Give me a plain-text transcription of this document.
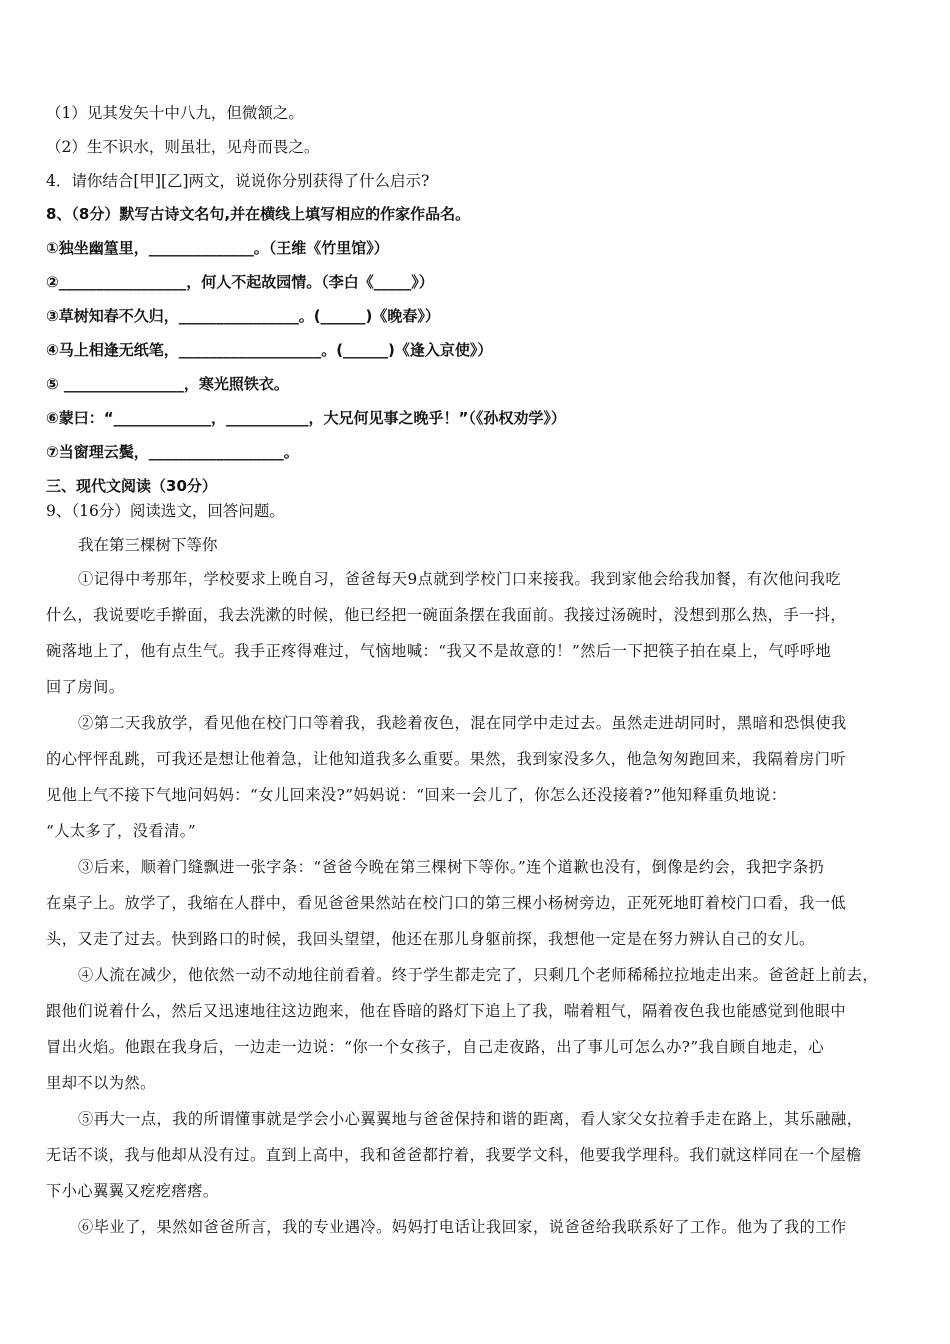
（1）见其发矢十中八九，但微颔之。
（2）生不识水，则虽壮，见舟而畏之。
4．请你结合[甲][乙]两文，说说你分别获得了什么启示?
8、（8分）默写古诗文名句,并在横线上填写相应的作家作品名。
①独坐幽篁里，______________。（王维《竹里馆》）
②_________________，何人不起故园情。（李白《_____》）
③草树知春不久归，________________。(______)《晚春》）
④马上相逢无纸笔，___________________。(______)《逢入京使》）
⑤ ________________，寒光照铁衣。
⑥蒙曰：“_____________，___________，大兄何见事之晚乎！”（《孙权劝学》）
⑦当窗理云鬓，__________________。
三、现代文阅读（30分）
9、（16分）阅读选文，回答问题。
我在第三棵树下等你
①记得中考那年，学校要求上晚自习，爸爸每天9点就到学校门口来接我。我到家他会给我加餐，有次他问我吃
什么，我说要吃手擀面，我去洗漱的时候，他已经把一碗面条摆在我面前。我接过汤碗时，没想到那么热，手一抖，
碗落地上了，他有点生气。我手正疼得难过，气恼地喊：“我又不是故意的！”然后一下把筷子拍在桌上，气呼呼地
回了房间。
②第二天我放学，看见他在校门口等着我，我趁着夜色，混在同学中走过去。虽然走进胡同时，黑暗和恐惧使我
的心怦怦乱跳，可我还是想让他着急，让他知道我多么重要。果然，我到家没多久，他急匆匆跑回来，我隔着房门听
见他上气不接下气地问妈妈：“女儿回来没?”妈妈说：“回来一会儿了，你怎么还没接着?”他知释重负地说：
“人太多了，没看清。”
③后来，顺着门缝飘进一张字条：“爸爸今晚在第三棵树下等你。”连个道歉也没有，倒像是约会，我把字条扔
在桌子上。放学了，我缩在人群中，看见爸爸果然站在校门口的第三棵小杨树旁边，正死死地盯着校门口看，我一低
头，又走了过去。快到路口的时候，我回头望望，他还在那儿身躯前探，我想他一定是在努力辨认自己的女儿。
④人流在减少，他依然一动不动地往前看着。终于学生都走完了，只剩几个老师稀稀拉拉地走出来。爸爸赶上前去，
跟他们说着什么，然后又迅速地往这边跑来，他在昏暗的路灯下追上了我，喘着粗气，隔着夜色我也能感觉到他眼中
冒出火焰。他跟在我身后，一边走一边说：“你一个女孩子，自己走夜路，出了事儿可怎么办?”我自顾自地走，心
里却不以为然。
⑤再大一点，我的所谓懂事就是学会小心翼翼地与爸爸保持和谐的距离，看人家父女拉着手走在路上，其乐融融，
无话不谈，我与他却从没有过。直到上高中，我和爸爸都拧着，我要学文科，他要我学理科。我们就这样同在一个屋檐
下小心翼翼又疙疙瘩瘩。
⑥毕业了，果然如爸爸所言，我的专业遇冷。妈妈打电话让我回家，说爸爸给我联系好了工作。他为了我的工作
